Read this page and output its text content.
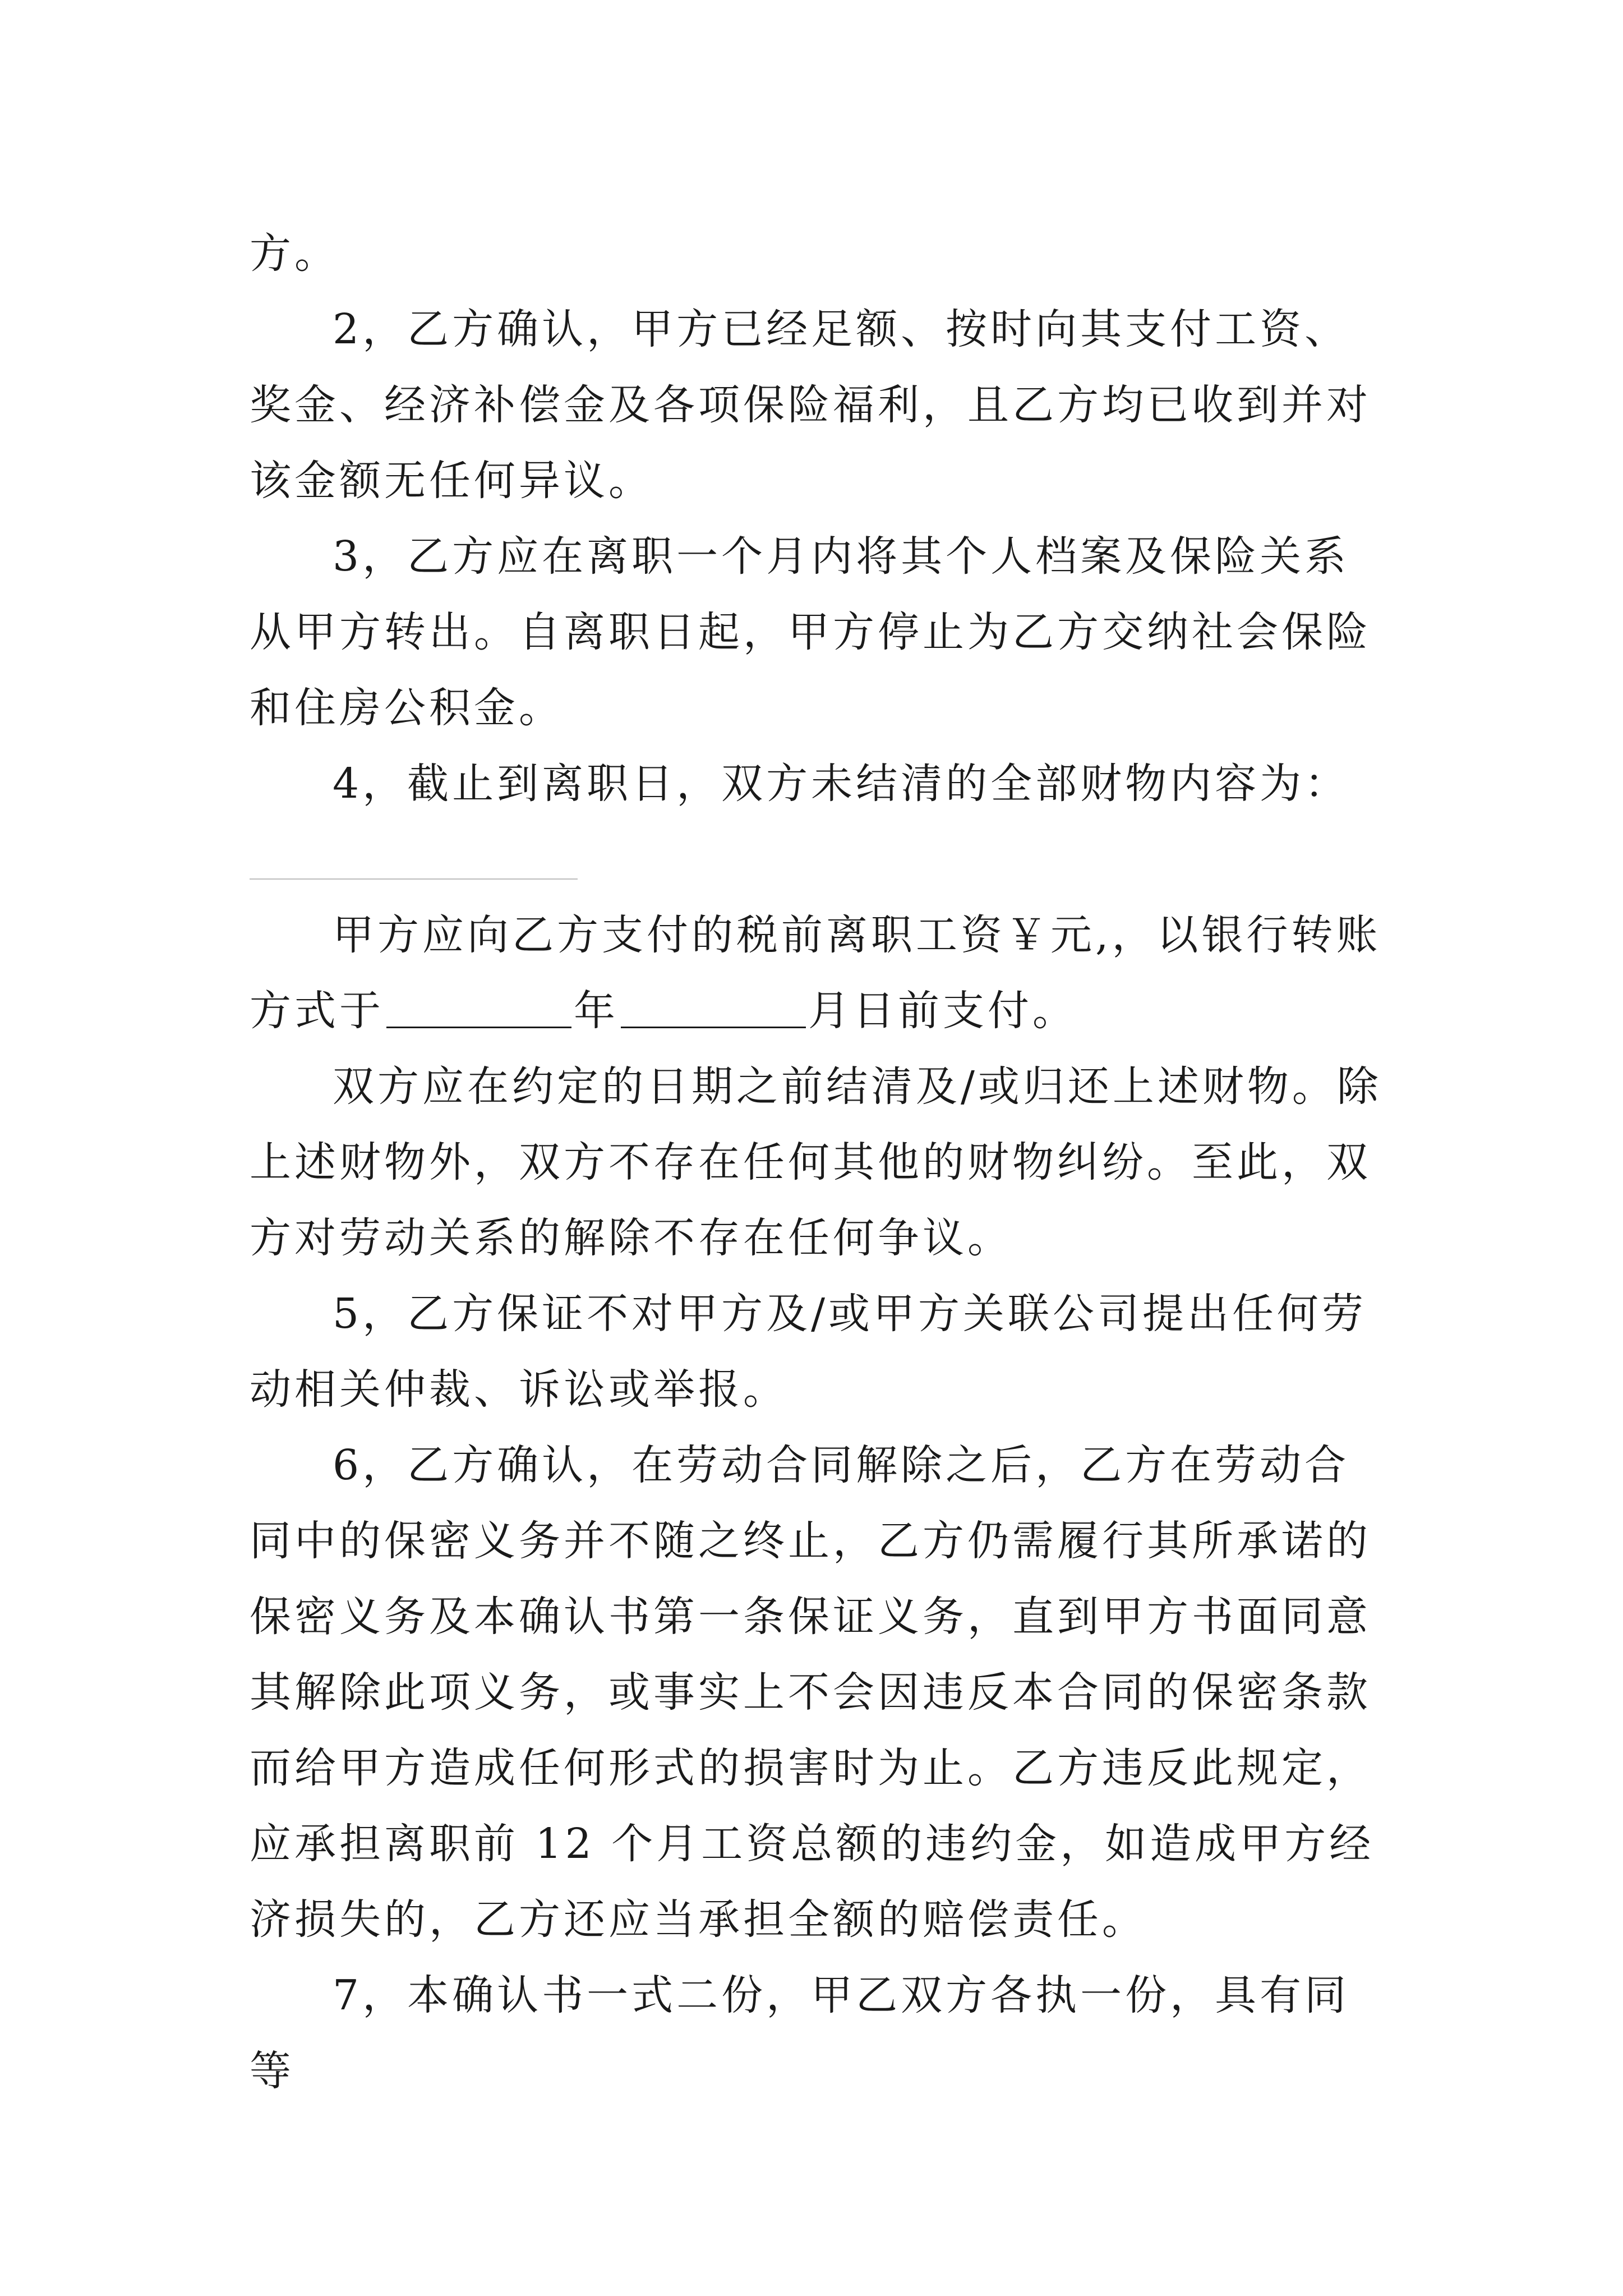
方。

2，乙方确认，甲方已经足额、按时向其支付工资、奖金、经济补偿金及各项保险福利，且乙方均已收到并对该金额无任何异议。

3，乙方应在离职一个月内将其个人档案及保险关系从甲方转出。自离职日起，甲方停止为乙方交纳社会保险和住房公积金。

4，截止到离职日，双方未结清的全部财物内容为：

甲方应向乙方支付的税前离职工资￥元,，以银行转账

方式于	年	月日前支付。

双方应在约定的日期之前结清及/或归还上述财物。除上述财物外，双方不存在任何其他的财物纠纷。至此，双方对劳动关系的解除不存在任何争议。

5，乙方保证不对甲方及/或甲方关联公司提出任何劳动相关仲裁、诉讼或举报。

6，乙方确认，在劳动合同解除之后，乙方在劳动合同中的保密义务并不随之终止，乙方仍需履行其所承诺的保密义务及本确认书第一条保证义务，直到甲方书面同意其解除此项义务，或事实上不会因违反本合同的保密条款而给甲方造成任何形式的损害时为止。乙方违反此规定，应承担离职前 12 个月工资总额的违约金，如造成甲方经济损失的，乙方还应当承担全额的赔偿责任。

7，本确认书一式二份，甲乙双方各执一份，具有同等
